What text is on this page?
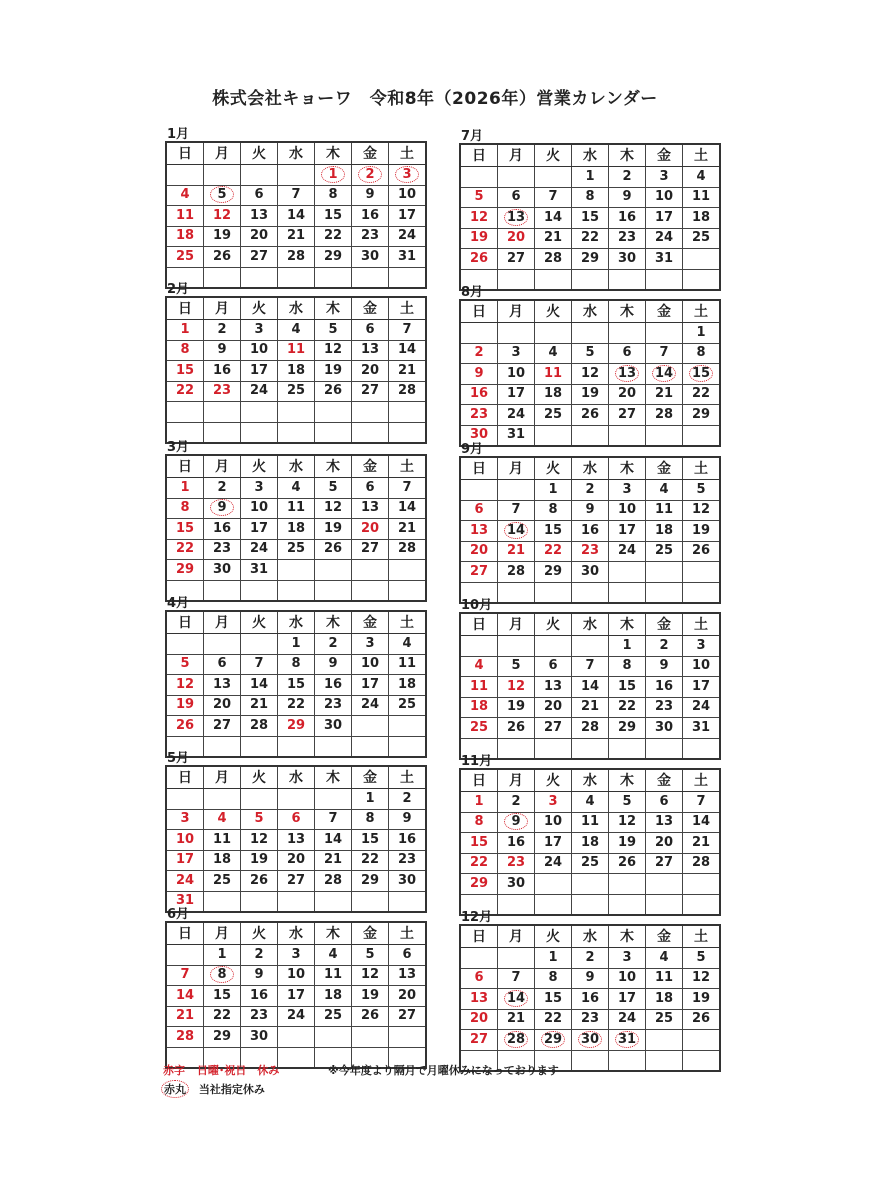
株式会社キョーワ　令和8年（2026年）営業カレンダー
1月
日	月	火	水	木	金	土
				1	2	3
4	5	6	7	8	9	10
11	12	13	14	15	16	17
18	19	20	21	22	23	24
25	26	27	28	29	30	31

2月
日	月	火	水	木	金	土
1	2	3	4	5	6	7
8	9	10	11	12	13	14
15	16	17	18	19	20	21
22	23	24	25	26	27	28

3月
日	月	火	水	木	金	土
1	2	3	4	5	6	7
8	9	10	11	12	13	14
15	16	17	18	19	20	21
22	23	24	25	26	27	28
29	30	31				

4月
日	月	火	水	木	金	土
			1	2	3	4
5	6	7	8	9	10	11
12	13	14	15	16	17	18
19	20	21	22	23	24	25
26	27	28	29	30		

5月
日	月	火	水	木	金	土
					1	2
3	4	5	6	7	8	9
10	11	12	13	14	15	16
17	18	19	20	21	22	23
24	25	26	27	28	29	30
31						
6月
日	月	火	水	木	金	土
	1	2	3	4	5	6
7	8	9	10	11	12	13
14	15	16	17	18	19	20
21	22	23	24	25	26	27
28	29	30				

7月
日	月	火	水	木	金	土
			1	2	3	4
5	6	7	8	9	10	11
12	13	14	15	16	17	18
19	20	21	22	23	24	25
26	27	28	29	30	31	

8月
日	月	火	水	木	金	土
						1
2	3	4	5	6	7	8
9	10	11	12	13	14	15
16	17	18	19	20	21	22
23	24	25	26	27	28	29
30	31					
9月
日	月	火	水	木	金	土
		1	2	3	4	5
6	7	8	9	10	11	12
13	14	15	16	17	18	19
20	21	22	23	24	25	26
27	28	29	30			

10月
日	月	火	水	木	金	土
				1	2	3
4	5	6	7	8	9	10
11	12	13	14	15	16	17
18	19	20	21	22	23	24
25	26	27	28	29	30	31

11月
日	月	火	水	木	金	土
1	2	3	4	5	6	7
8	9	10	11	12	13	14
15	16	17	18	19	20	21
22	23	24	25	26	27	28
29	30					

12月
日	月	火	水	木	金	土
		1	2	3	4	5
6	7	8	9	10	11	12
13	14	15	16	17	18	19
20	21	22	23	24	25	26
27	28	29	30	31		

赤字 日曜･祝日　休み	※今年度より隔月で月曜休みになっております
赤丸 当社指定休み
